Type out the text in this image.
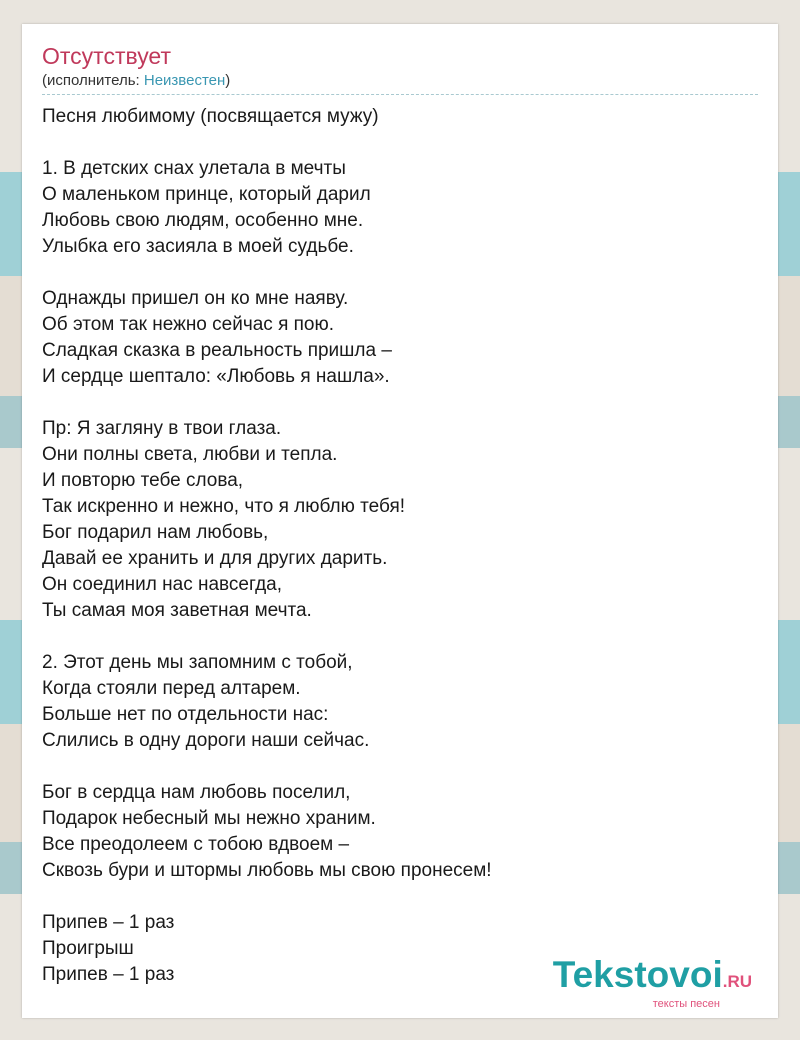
Отсутствует
(исполнитель: Неизвестен)
Песня любимому (посвящается мужу)
1. В детских снах улетала в мечты
О маленьком принце, который дарил
Любовь свою людям, особенно мне.
Улыбка его засияла в моей судьбе.
Однажды пришел он ко мне наяву.
Об этом так нежно сейчас я пою.
Сладкая сказка в реальность пришла –
И сердце шептало: «Любовь я нашла».
Пр: Я загляну в твои глаза.
Они полны света, любви и тепла.
И повторю тебе слова,
Так искренно и нежно, что я люблю тебя!
Бог подарил нам любовь,
Давай ее хранить и для других дарить.
Он соединил нас навсегда,
Ты самая моя заветная мечта.
2. Этот день мы запомним с тобой,
Когда стояли перед алтарем.
Больше нет по отдельности нас:
Слились в одну дороги наши сейчас.
Бог в сердца нам любовь поселил,
Подарок небесный мы нежно храним.
Все преодолеем с тобою вдвоем –
Сквозь бури и штормы любовь мы свою пронесем!
Припев – 1 раз
Проигрыш
Припев – 1 раз	Tekstovoi.RU
тексты песен
